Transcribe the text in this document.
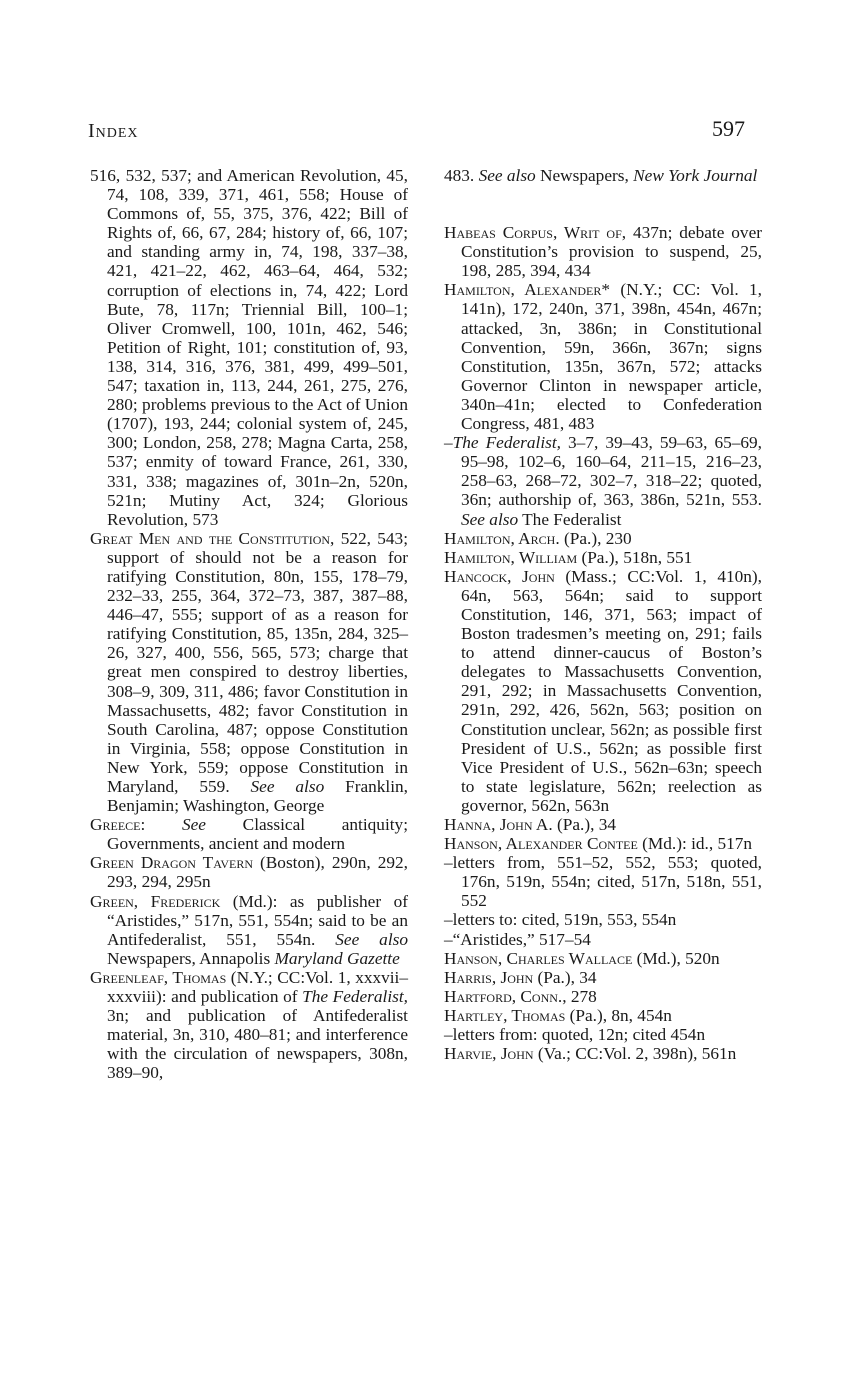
Index	597

516, 532, 537; and American Revolution, 45, 74, 108, 339, 371, 461, 558; House of Commons of, 55, 375, 376, 422; Bill of Rights of, 66, 67, 284; history of, 66, 107; and standing army in, 74, 198, 337–38, 421, 421–22, 462, 463–64, 464, 532; corruption of elections in, 74, 422; Lord Bute, 78, 117n; Triennial Bill, 100–1; Oliver Cromwell, 100, 101n, 462, 546; Petition of Right, 101; constitution of, 93, 138, 314, 316, 376, 381, 499, 499–501, 547; taxation in, 113, 244, 261, 275, 276, 280; problems previous to the Act of Union (1707), 193, 244; colonial system of, 245, 300; London, 258, 278; Magna Carta, 258, 537; enmity of toward France, 261, 330, 331, 338; magazines of, 301n–2n, 520n, 521n; Mutiny Act, 324; Glorious Revolution, 573

Great Men and the Constitution, 522, 543; support of should not be a reason for ratifying Constitution, 80n, 155, 178–79, 232–33, 255, 364, 372–73, 387, 387–88, 446–47, 555; support of as a reason for ratifying Constitution, 85, 135n, 284, 325–26, 327, 400, 556, 565, 573; charge that great men conspired to destroy liberties, 308–9, 309, 311, 486; favor Constitution in Massachusetts, 482; favor Constitution in South Carolina, 487; oppose Constitution in Virginia, 558; oppose Constitution in New York, 559; oppose Constitution in Maryland, 559. See also Franklin, Benjamin; Washington, George

Greece: See Classical antiquity; Governments, ancient and modern

Green Dragon Tavern (Boston), 290n, 292, 293, 294, 295n

Green, Frederick (Md.): as publisher of “Aristides,” 517n, 551, 554n; said to be an Antifederalist, 551, 554n. See also Newspapers, Annapolis Maryland Gazette

Greenleaf, Thomas (N.Y.; CC:Vol. 1, xxxvii–xxxviii): and publication of The Federalist, 3n; and publication of Antifederalist material, 3n, 310, 480–81; and interference with the circulation of newspapers, 308n, 389–90,

483. See also Newspapers, New York Journal

Habeas Corpus, Writ of, 437n; debate over Constitution’s provision to suspend, 25, 198, 285, 394, 434

Hamilton, Alexander* (N.Y.; CC: Vol. 1, 141n), 172, 240n, 371, 398n, 454n, 467n; attacked, 3n, 386n; in Constitutional Convention, 59n, 366n, 367n; signs Constitution, 135n, 367n, 572; attacks Governor Clinton in newspaper article, 340n–41n; elected to Confederation Congress, 481, 483

–The Federalist, 3–7, 39–43, 59–63, 65–69, 95–98, 102–6, 160–64, 211–15, 216–23, 258–63, 268–72, 302–7, 318–22; quoted, 36n; authorship of, 363, 386n, 521n, 553. See also The Federalist

Hamilton, Arch. (Pa.), 230

Hamilton, William (Pa.), 518n, 551

Hancock, John (Mass.; CC:Vol. 1, 410n), 64n, 563, 564n; said to support Constitution, 146, 371, 563; impact of Boston tradesmen’s meeting on, 291; fails to attend dinner-caucus of Boston’s delegates to Massachusetts Convention, 291, 292; in Massachusetts Convention, 291n, 292, 426, 562n, 563; position on Constitution unclear, 562n; as possible first President of U.S., 562n; as possible first Vice President of U.S., 562n–63n; speech to state legislature, 562n; reelection as governor, 562n, 563n

Hanna, John A. (Pa.), 34

Hanson, Alexander Contee (Md.): id., 517n

–letters from, 551–52, 552, 553; quoted, 176n, 519n, 554n; cited, 517n, 518n, 551, 552

–letters to: cited, 519n, 553, 554n

–“Aristides,” 517–54

Hanson, Charles Wallace (Md.), 520n

Harris, John (Pa.), 34

Hartford, Conn., 278

Hartley, Thomas (Pa.), 8n, 454n

–letters from: quoted, 12n; cited 454n

Harvie, John (Va.; CC:Vol. 2, 398n), 561n
